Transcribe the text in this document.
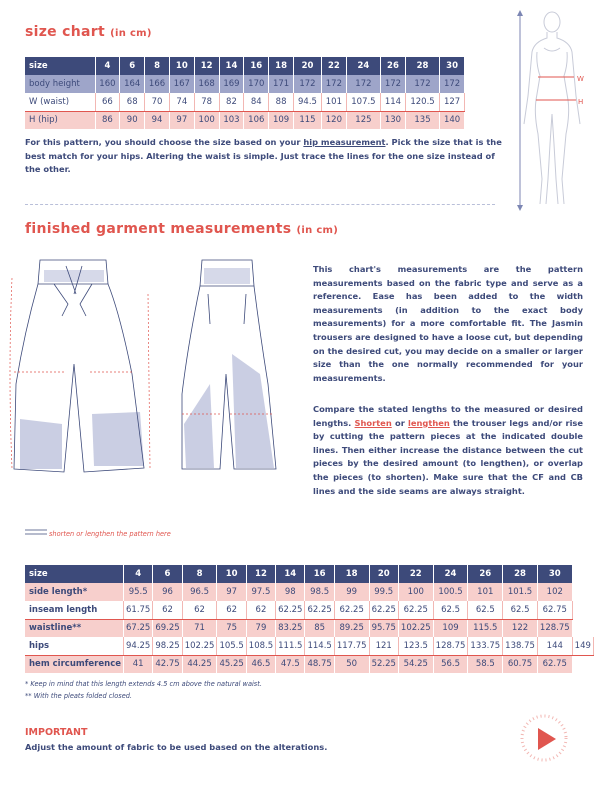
size chart (in cm)
size	4	6	8	10	12	14	16	18	20	22	24	26	28	30
body height	160	164	166	167	168	169	170	171	172	172	172	172	172	172
W (waist)	66	68	70	74	78	82	84	88	94.5	101	107.5	114	120.5	127
H (hip)	86	90	94	97	100	103	106	109	115	120	125	130	135	140
For this pattern, you should choose the size based on your hip measurement. Pick the size that is the best match for your hips. Altering the waist is simple. Just trace the lines for the one size instead of the other.
W
H
finished garment measurements (in cm)
This chart's measurements are the pattern measurements based on the fabric type and serve as a reference. Ease has been added to the width measurements (in addition to the exact body measurements) for a more comfortable fit. The Jasmin trousers are designed to have a loose cut, but depending on the desired cut, you may decide on a smaller or larger size than the one normally recommended for your measurements.
Compare the stated lengths to the measured or desired lengths. Shorten or lengthen the trouser legs and/or rise by cutting the pattern pieces at the indicated double lines. Then either increase the distance between the cut pieces by the desired amount (to lengthen), or overlap the pieces (to shorten). Make sure that the CF and CB lines and the side seams are always straight.
shorten or lengthen the pattern here
size	4	6	8	10	12	14	16	18	20	22	24	26	28	30	
side length*	95.5	96	96.5	97	97.5	98	98.5	99	99.5	100	100.5	101	101.5	102	
inseam length	61.75	62	62	62	62	62.25	62.25	62.25	62.25	62.25	62.5	62.5	62.5	62.75	
waistline**	67.25	69.25	71	75	79	83.25	85	89.25	95.75	102.25	109	115.5	122	128.75	
hips	94.25	98.25	102.25	105.5	108.5	111.5	114.5	117.75	121	123.5	128.75	133.75	138.75	144	149
hem circumference	41	42.75	44.25	45.25	46.5	47.5	48.75	50	52.25	54.25	56.5	58.5	60.75	62.75	
* Keep in mind that this length extends 4.5 cm above the natural waist.
** With the pleats folded closed.
IMPORTANT
Adjust the amount of fabric to be used based on the alterations.
